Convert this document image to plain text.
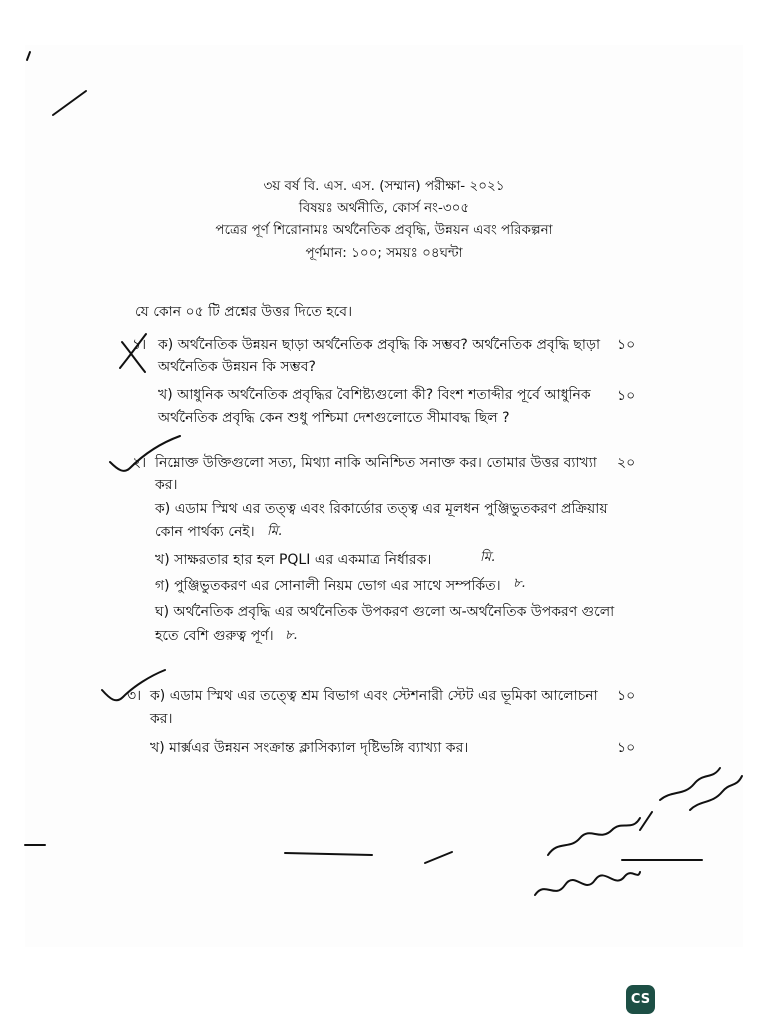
৩য় বর্ষ বি. এস. এস. (সম্মান) পরীক্ষা- ২০২১
বিষয়ঃ অর্থনীতি, কোর্স নং-৩০৫
পত্রের পূর্ণ শিরোনামঃ অর্থনৈতিক প্রবৃদ্ধি, উন্নয়ন এবং পরিকল্পনা
পূর্ণমান: ১০০; সময়ঃ ০৪ঘন্টা
যে কোন ০৫ টি প্রশ্নের উত্তর দিতে হবে।
১। ক) অর্থনৈতিক উন্নয়ন ছাড়া অর্থনৈতিক প্রবৃদ্ধি কি সম্ভব? অর্থনৈতিক প্রবৃদ্ধি ছাড়া
অর্থনৈতিক উন্নয়ন কি সম্ভব?
১০
খ) আধুনিক অর্থনৈতিক প্রবৃদ্ধির বৈশিষ্ট্যগুলো কী? বিংশ শতাব্দীর পূর্বে আধুনিক
অর্থনৈতিক প্রবৃদ্ধি কেন শুধু পশ্চিমা দেশগুলোতে সীমাবদ্ধ ছিল ?
১০
২। নিম্নোক্ত উক্তিগুলো সত্য, মিথ্যা নাকি অনিশ্চিত সনাক্ত কর। তোমার উত্তর ব্যাখ্যা
কর।
২০
ক) এডাম স্মিথ এর তত্ত্ব এবং রিকার্ডোর তত্ত্ব এর মূলধন পুঞ্জিভুতকরণ প্রক্রিয়ায়
কোন পার্থক্য নেই। মি.
খ) সাক্ষরতার হার হল PQLI এর একমাত্র নির্ধারক।	মি.
গ) পুঞ্জিভুতকরণ এর সোনালী নিয়ম ভোগ এর সাথে সম্পর্কিত। ৮.
ঘ) অর্থনৈতিক প্রবৃদ্ধি এর অর্থনৈতিক উপকরণ গুলো অ-অর্থনৈতিক উপকরণ গুলো
হতে বেশি গুরুত্ব পূর্ণ। ৮.
৩। ক) এডাম স্মিথ এর তত্ত্বে শ্রম বিভাগ এবং স্টেশনারী স্টেট এর ভূমিকা আলোচনা
কর।
১০
খ) মার্ক্সএর উন্নয়ন সংক্রান্ত ক্লাসিক্যাল দৃষ্টিভঙ্গি ব্যাখ্যা কর।	১০
CS
